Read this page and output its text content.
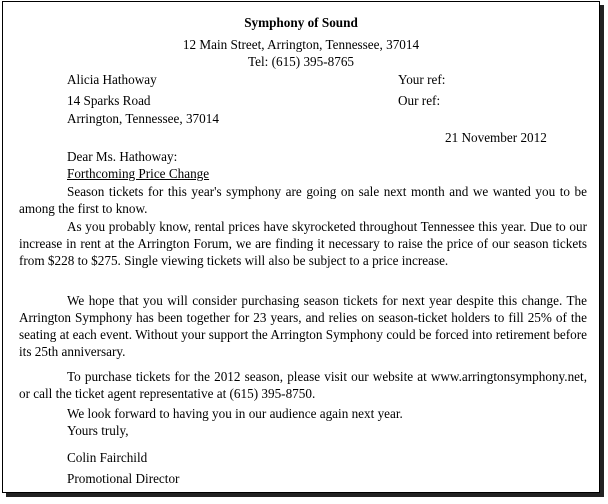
Symphony of Sound
12 Main Street, Arrington, Tennessee, 37014
Tel: (615) 395-8765
Alicia Hathoway	Your ref:
14 Sparks Road	Our ref:
Arrington, Tennessee, 37014
21 November 2012
Dear Ms. Hathoway:
Forthcoming Price Change
Season tickets for this year's symphony are going on sale next month and we wanted you to be among the first to know.
As you probably know, rental prices have skyrocketed throughout Tennessee this year. Due to our increase in rent at the Arrington Forum, we are finding it necessary to raise the price of our season tickets from $228 to $275. Single viewing tickets will also be subject to a price increase.
We hope that you will consider purchasing season tickets for next year despite this change. The Arrington Symphony has been together for 23 years, and relies on season-ticket holders to fill 25% of the seating at each event. Without your support the Arrington Symphony could be forced into retirement before its 25th anniversary.
To purchase tickets for the 2012 season, please visit our website at www.arringtonsymphony.net, or call the ticket agent representative at (615) 395-8750.
We look forward to having you in our audience again next year.
Yours truly,
Colin Fairchild
Promotional Director
